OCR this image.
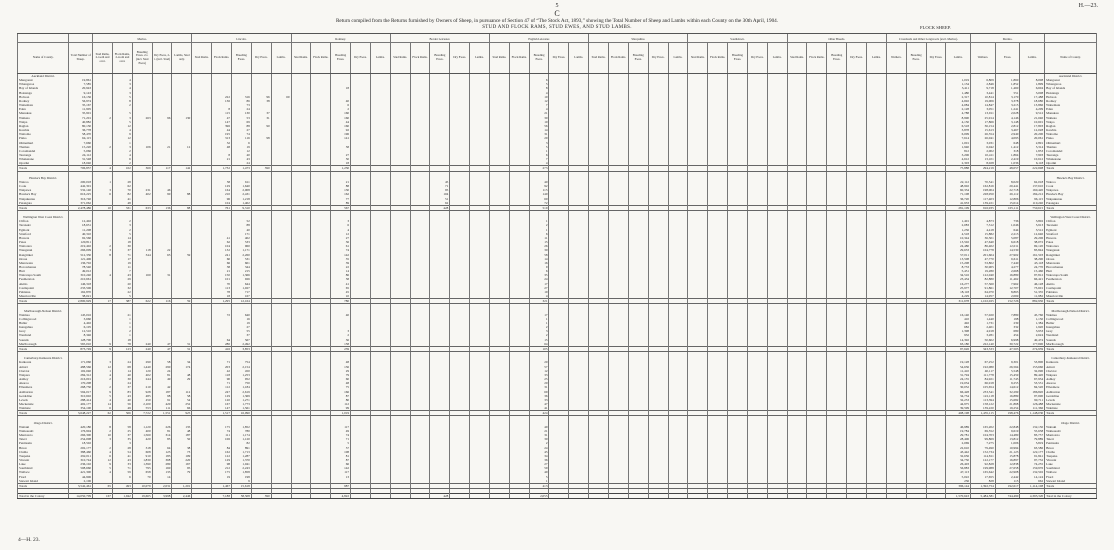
5	H.—23.
C
Return compiled from the Returns furnished by Owners of Sheep, in pursuance of Section 47 of “The Stock Act, 1893,” showing the Total Number of Sheep and Lambs within each County on the 30th April, 1904.
STUD AND FLOCK RAMS, STUD EWES, AND STUD LAMBS.	FLOCK SHEEP.
		Merino.					Lincoln.					Romney.					Border Leicester.					English Leicester.					Shropshire.					Southdown.					Other Breeds.					Crossbreds and Other Longwools (excl. Merino).				Merino.			
Name of County.	Total Number of Sheep.	Stud Rams, 2-tooth and over.	Flock Rams, 2-tooth and over.	Breeding Ewes. 2-t. (incl. Stud Ewes)	Dry Ewes, 2-t. (incl. Stud)	Lambs, Stud only.	Stud Rams.	Flock Rams.	Breeding Ewes.	Dry Ewes.	Lambs.	Stud Rams.	Flock Rams.	Breeding Ewes.	Dry Ewes.	Lambs.	Stud Rams.	Flock Rams.	Breeding Ewes.	Dry Ewes.	Lambs.	Stud Rams.	Flock Rams.	Breeding Ewes.	Dry Ewes.	Lambs.	Stud Rams.	Flock Rams.	Breeding Ewes.	Dry Ewes.	Lambs.	Stud Rams.	Flock Rams.	Breeding Ewes.	Dry Ewes.	Lambs.	Stud Rams.	Flock Rams.	Breeding Ewes.	Dry Ewes.	Lambs.	Wethers.	Breeding Ewes.	Dry Ewes.	Lambs.	Wethers.	Ewes.	Lambs.	Name of County.
Auckland District.																																																	Auckland District.
Mangonui	19,861		4																					6																					1,019	6,809	1,860	8,008	Mangonui
Whangaroa	7,585		3																					5																					1,134	2,846	1,852	1,899	Whangaroa
Bay of Islands	20,943		4											18										8																					3,411	9,718	1,460	6,604	Bay of Islands
Hokianga	9,143		3																					4																					1,480	3,441	551	3,008	Hokianga
Hobson	16,136		5					222	316	96	60													10																					2,317	10,814	3,170	17,488	Hobson
Rodney	56,974		8					136	86	38				40										12																					4,692	19,006	3,378	18,680	Rodney
Waitemata	35,167		2						73					6										7																					4,084	14,847	3,215	13,866	Waitemata
Eden	11,905							8	24					2										4																					2,128	3,051	1,241	4,209	Eden
Manukau	35,901		5					115	130	37				160										21																					4,788	13,911	2,028	9,512	Manukau
Waikato	71,201	2	3	263	96	130		47	53	31				160										30																					8,990	25,914	4,146	21,040	Waikato
Waipa	40,882		5					147	69					44										10																					4,150	17,866	3,148	10,601	Waipa
Raglan	80,130		12					396	88	90				160										56																					6,518	36,154	2,812	17,803	Raglan
Kawhia	36,778		4					44	27					92										14																					3,878	15,613	3,467	12,028	Kawhia
Waitomo	58,470		9					195	74					196										31																					6,009	26,554	2,940	20,200	Waitomo
Piako	64,115		12					313	116	98				141										29																					7,614	26,041	4,093	20,061	Piako
Ohinemuri	7,660		1					32	6															3																					1,001	3,031	648	2,891	Ohinemuri
Thames	15,220	2	3	106	21	12		48	19					58										5																					1,940	6,042	1,412	5,314	Thames
Coromandel	5,066		2						12															1																					812	2,002	318	1,853	Coromandel
Tauranga	24,112		4					8	40					27										6																					3,206	10,411	1,864	7,903	Tauranga
Whakatane	31,548		6					21	43					50										7																					4,612	13,101	2,419	10,612	Whakatane
Opotiki	18,040		2						24					18										4																					2,303	8,028	1,036	6,118	Opotiki
Totals	706,857	4	102	369	117	142		1,732	1,473	390				1,230										273																					75,888	294,219	48,057	222,698	Totals

Hawke's Bay District.																																																	Hawke's Bay District.
Wairoa	200,018	1	28					58	611					21					45					40																					22,112	70,541	8,020	62,018	Wairoa
Cook	442,301		62					129	1,640					88					71					92																					48,902	162,816	20,441	137,610	Cook
Waipawa	532,140	3	70	231	46			164	2,008					130					95					115																					60,334	198,004	22,718	160,420	Waipawa
Hawke's Bay	616,225	6	82	402	90	88		210	2,431					162					104					140																					71,108	228,950	26,112	184,212	Hawke's Bay
Waipukurau	316,740		41					96	1,218					77					51					60																					36,720	117,403	12,806	96,115	Waipukurau
Patangata	371,062		48					104	1,402					89					62					72																					41,933	139,221	15,014	110,240	Patangata
Totals	2,478,486	10	331	633	136	88		761	9,310					567					428					519																					281,109	916,935	105,111	750,615	Totals

Wellington West Coast District.																																																	Wellington West Coast District.
Clifton	12,402		2						52					3										1																					1,401	4,873	736	3,802	Clifton
Taranaki	18,631		3						88					6										2																					2,083	7,312	1,046	5,913	Taranaki
Egmont	11,208		2						40					4										1																					1,256	4,418	644	3,512	Egmont
Stratford	40,310		5						171					12										6																					4,518	15,882	2,213	12,640	Stratford
Hawera	92,560		14					41	402					27										11																					10,344	36,501	5,087	29,206	Hawera
Patea	120,811		18					62	533					36										15																					13,502	47,640	6,618	38,072	Patea
Waitotara	219,402	2	30					104	960					61										26																					24,480	86,402	12,011	69,120	Waitotara
Wanganui	266,009	3	37	118	22			132	1,171					74										30																					29,633	104,778	14,530	83,844	Wanganui
Rangitikei	512,330	8	71	344	63	59		241	2,260					142										58																					57,011	201,604	27,902	161,503	Rangitikei
Oroua	121,406		17					60	531					35										14																					13,508	47,770	6,611	38,290	Oroua
Manawatu	136,702		19					66	601					39										16																					15,208	53,802	7,440	43,118	Manawatu
Horowhenua	78,540		11					38	344					22										9																					8,733	30,905	4,277	24,770	Horowhenua
Hutt	49,012		7					21	215					14										6																					5,451	19,280	2,668	15,460	Hutt
Wairarapa South	310,240	4	43	160	31			150	1,366					86										35																					34,516	122,040	16,880	97,812	Wairarapa South
Featherston	210,661		29					101	926					58										24																					23,434	82,880	11,462	66,421	Featherston
Akitio	146,318		20					70	644					41										17																					16,277	57,560	7,962	46,128	Akitio
Castlepoint	233,506		32					113	1,027					65										27																					25,977	91,861	12,707	73,601	Castlepoint
Pahiatua	162,870		22					78	717					45										19																					18,118	64,070	8,863	51,335	Pahiatua
Mauriceville	38,021		5					18	167					10										4																					4,229	14,957	2,069	11,982	Mauriceville
Totals	2,800,929	17	387	622	116	59		1,295	12,164					780										321																					311,678	1,102,025	152,726	882,930	Totals

Marlborough-Nelson District.																																																	Marlborough-Nelson District.
Waimea	145,016		21					72	640					40										17																					16,140	57,020	7,880	45,760	Waimea
Collingwood	3,660		1						16															1																					410	1,440	198	1,150	Collingwood
Buller	4,402		1						19															1																					492	1,731	239	1,384	Buller
Inangahua	6,105		1						27															2																					682	2,401	332	1,920	Inangahua
Grey	12,510		2						55					3										3																					1,398	4,918	680	3,933	Grey
Westland	8,346		1						37					2										2																					932	3,281	454	2,624	Westland
Sounds	128,700		18					64	567					36										15																					14,392	50,602	6,998	40,474	Sounds
Marlborough	565,010	9	78	240	47	31		280	2,492					158										64																					63,180	222,140	30,722	177,690	Marlborough
Totals	873,749	9	123	240	47	31		416	3,853					239										105																					97,626	343,533	47,503	274,939	Totals

Canterbury-Kaikoura District.																																																	Canterbury-Kaikoura District.
Kaikoura	171,060	3	24	290	58	34		71	754					48										20																					19,128	67,252	9,301	53,800	Kaikoura
Amuri	488,566	12	68	1,440	290	174		203	2,154					136										57																					54,636	192,080	26,564	153,660	Amuri
Cheviot	102,040	1	14	120	24			42	450					29										12																					11,410	40,117	5,548	32,090	Cheviot
Waipara	284,312	4	40	402	81	48		118	1,253					79										33																					31,794	111,778	15,459	89,420	Waipara
Ashley	216,001	2	30	244	49	29		90	952					60										25																					24,155	84,921	11,745	67,934	Ashley
Akaroa	170,208		24					71	750					48										20																					19,034	66,918	9,255	53,531	Akaroa
Ellesmere	268,730	2	37	210	42			112	1,184					75										31																					30,052	105,654	14,612	84,520	Ellesmere
Ashburton	594,017	9	83	928	187	112		247	2,619					166										69																					66,428	233,541	32,299	186,820	Ashburton
Geraldine	310,602	5	43	485	98	58		129	1,369					87										36																					34,734	122,118	16,889	97,690	Geraldine
Levels	288,414	4	40	450	91	54		120	1,271					80										33																					32,253	113,394	15,682	90,711	Levels
Mackenzie	402,177	14	56	2,100	420	252		167	1,773					112										47																					44,975	158,122	21,868	126,488	Mackenzie
Waimate	354,100	6	49	553	111	66		147	1,561					99										41																					39,599	139,220	19,254	111,366	Waimate
Totals	3,648,227	62	506	7,722	1,551	925		1,517	16,090					1,019										424																					408,198	1,435,115	198,476	1,148,030	Totals

Otago District.																																																	Otago District.
Waitaki	420,180	8	58	1,120	226	135		175	1,852					117										49																					46,989	165,202	22,848	132,150	Waitaki
Waikouaiti	176,904	2	25	400	81	48		74	780					49										21																					19,784	69,552	9,619	55,638	Waikouaiti
Maniototo	266,300	10	37	1,560	314	187		111	1,174					74										31																					29,781	104,703	14,480	83,757	Maniototo
Taieri	254,008	3	35	420	85	50		106	1,120					71										30																					28,406	99,869	13,812	79,889	Taieri
Peninsula	18,502		3						82					5										2																					2,069	7,275	1,006	5,819	Peninsula
Bruce	202,177	2	28	318	64	38		84	891					57										24																					22,610	79,490	10,994	63,586	Bruce
Clutha	388,460	4	54	608	123	73		162	1,713					108										45																					43,442	152,734	21,123	122,177	Clutha
Tuapeka	292,011	6	41	910	183	109		122	1,287					81										34																					32,656	114,811	15,878	91,841	Tuapeka
Vincent	310,744	12	43	1,830	368	220		129	1,370					87										36																					34,750	122,177	16,897	97,732	Vincent
Lake	236,102	9	33	1,390	280	167		98	1,041					66										27																					26,403	92,828	12,838	74,255	Lake
Southland	508,660	5	71	795	160	95		212	2,243					142										59																					56,883	199,988	27,658	159,976	Southland
Wallace	421,300	4	59	658	133	79		175	1,858					117										49																					47,113	165,642	22,908	132,502	Wallace
Fiord	44,906		6	70	14			19	198					13										5																					5,022	17,655	2,442	14,124	Fiord
Stewart Island	2,106								9															1																					236	828	115	662	Stewart Island
Totals	3,542,461	65	493	10,079	2,031	1,201		1,467	15,618					987										413																					396,144	1,392,754	192,617	1,114,108	Totals

Total in the Colony	14,050,709	167	1,942	19,665	3,998	2,446		7,188	58,508	390				4,822					428					2,055																					1,570,643	5,484,581	744,490	4,393,320	Total in the Colony
4—H. 23.
